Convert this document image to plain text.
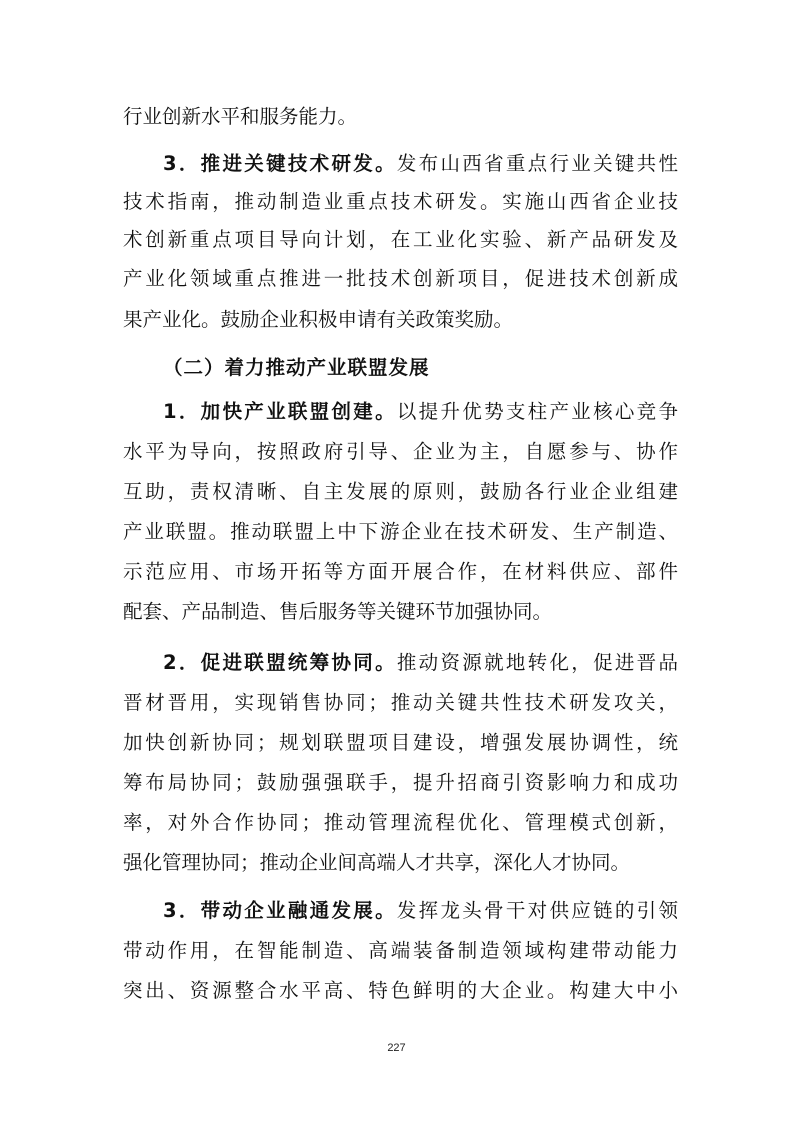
行业创新水平和服务能力。
3．推进关键技术研发。发布山西省重点行业关键共性
技术指南，推动制造业重点技术研发。实施山西省企业技
术创新重点项目导向计划，在工业化实验、新产品研发及
产业化领域重点推进一批技术创新项目，促进技术创新成
果产业化。鼓励企业积极申请有关政策奖励。
（二）着力推动产业联盟发展
1．加快产业联盟创建。以提升优势支柱产业核心竞争
水平为导向，按照政府引导、企业为主，自愿参与、协作
互助，责权清晰、自主发展的原则，鼓励各行业企业组建
产业联盟。推动联盟上中下游企业在技术研发、生产制造、
示范应用、市场开拓等方面开展合作，在材料供应、部件
配套、产品制造、售后服务等关键环节加强协同。
2．促进联盟统筹协同。推动资源就地转化，促进晋品
晋材晋用，实现销售协同；推动关键共性技术研发攻关，
加快创新协同；规划联盟项目建设，增强发展协调性，统
筹布局协同；鼓励强强联手，提升招商引资影响力和成功
率，对外合作协同；推动管理流程优化、管理模式创新，
强化管理协同；推动企业间高端人才共享，深化人才协同。
3．带动企业融通发展。发挥龙头骨干对供应链的引领
带动作用，在智能制造、高端装备制造领域构建带动能力
突出、资源整合水平高、特色鲜明的大企业。构建大中小
227
